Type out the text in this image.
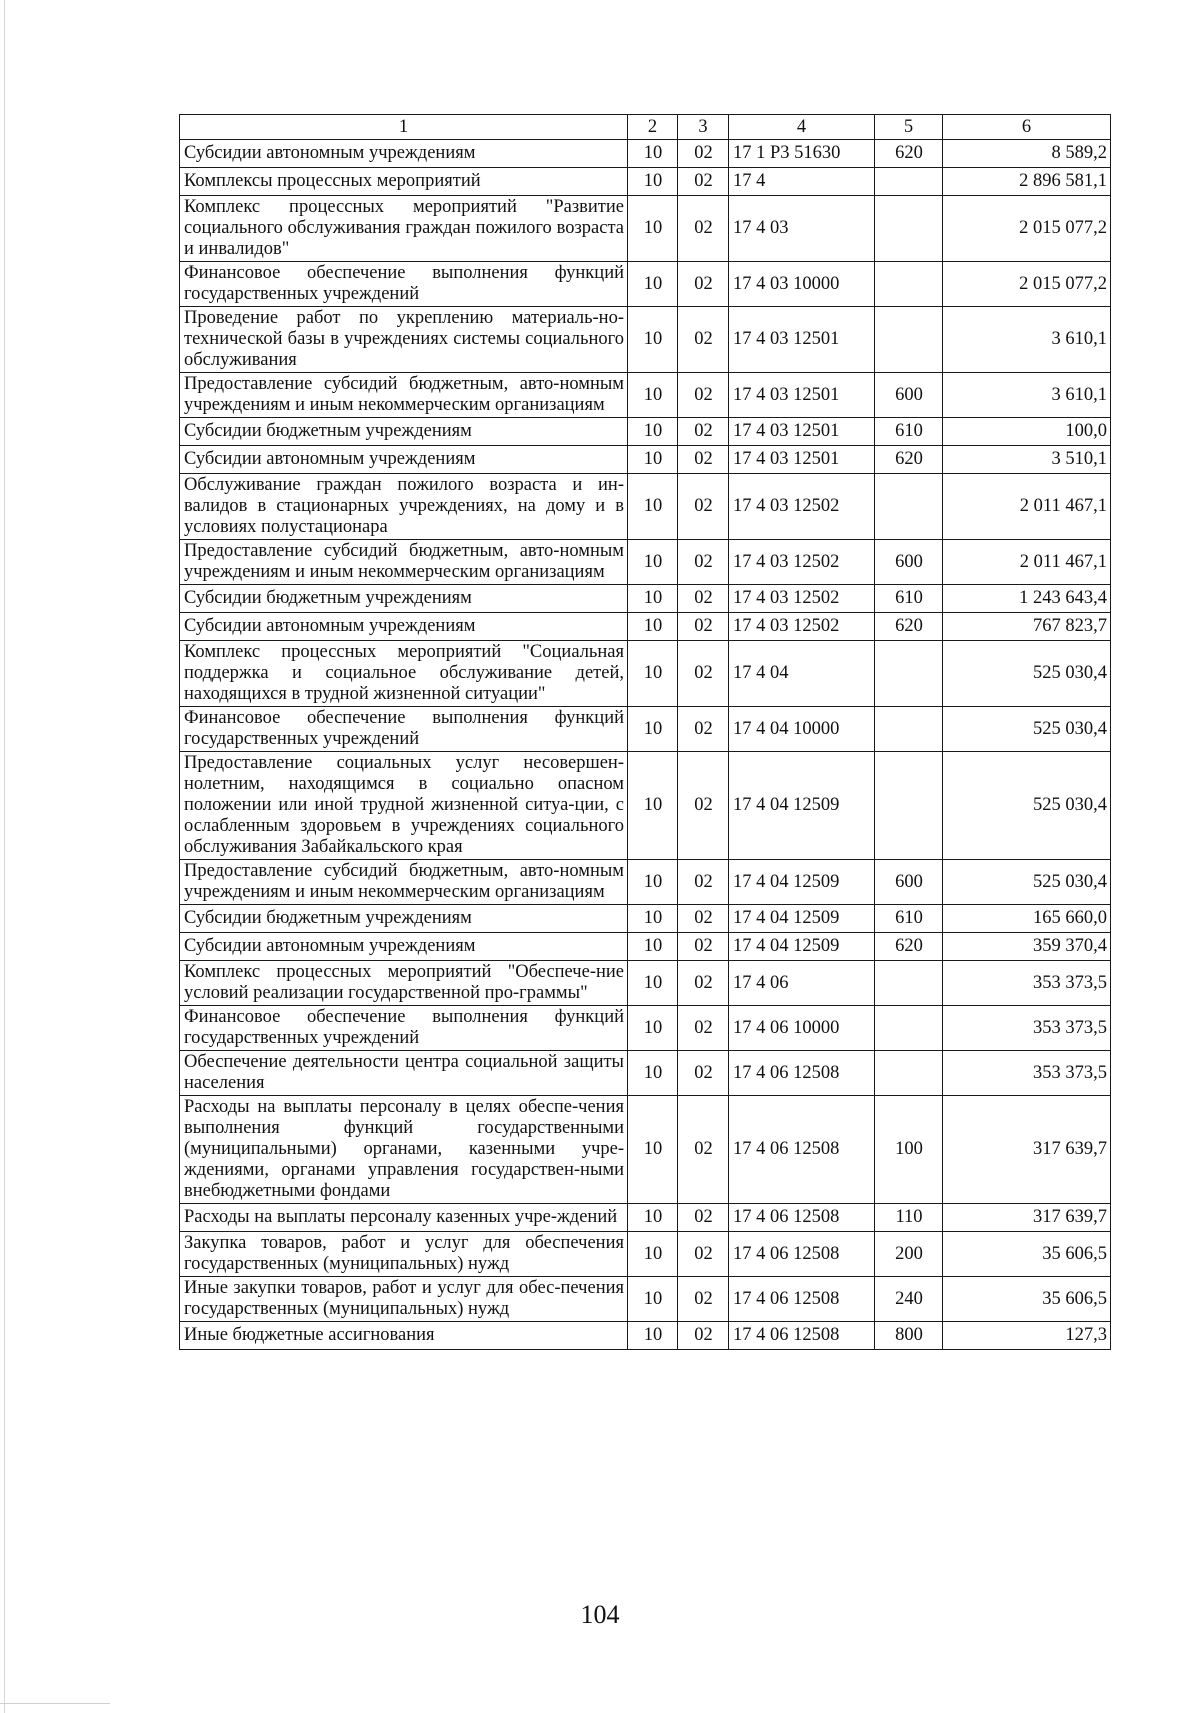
1	2	3	4	5	6
Субсидии автономным учреждениям	10	02	17 1 Р3 51630	620	8 589,2
Комплексы процессных мероприятий	10	02	17 4		2 896 581,1
Комплекс процессных мероприятий "Развитие социального обслуживания граждан пожилого возраста и инвалидов"	10	02	17 4 03		2 015 077,2
Финансовое обеспечение выполнения функций государственных учреждений	10	02	17 4 03 10000		2 015 077,2
Проведение работ по укреплению материаль-но-технической базы в учреждениях системы социального обслуживания	10	02	17 4 03 12501		3 610,1
Предоставление субсидий бюджетным, авто-номным учреждениям и иным некоммерческим организациям	10	02	17 4 03 12501	600	3 610,1
Субсидии бюджетным учреждениям	10	02	17 4 03 12501	610	100,0
Субсидии автономным учреждениям	10	02	17 4 03 12501	620	3 510,1
Обслуживание граждан пожилого возраста и ин-валидов в стационарных учреждениях, на дому и в условиях полустационара	10	02	17 4 03 12502		2 011 467,1
Предоставление субсидий бюджетным, авто-номным учреждениям и иным некоммерческим организациям	10	02	17 4 03 12502	600	2 011 467,1
Субсидии бюджетным учреждениям	10	02	17 4 03 12502	610	1 243 643,4
Субсидии автономным учреждениям	10	02	17 4 03 12502	620	767 823,7
Комплекс процессных мероприятий "Социальная поддержка и социальное обслуживание детей, находящихся в трудной жизненной ситуации"	10	02	17 4 04		525 030,4
Финансовое обеспечение выполнения функций государственных учреждений	10	02	17 4 04 10000		525 030,4
Предоставление социальных услуг несовершен-нолетним, находящимся в социально опасном положении или иной трудной жизненной ситуа-ции, с ослабленным здоровьем в учреждениях социального обслуживания Забайкальского края	10	02	17 4 04 12509		525 030,4
Предоставление субсидий бюджетным, авто-номным учреждениям и иным некоммерческим организациям	10	02	17 4 04 12509	600	525 030,4
Субсидии бюджетным учреждениям	10	02	17 4 04 12509	610	165 660,0
Субсидии автономным учреждениям	10	02	17 4 04 12509	620	359 370,4
Комплекс процессных мероприятий "Обеспече-ние условий реализации государственной про-граммы"	10	02	17 4 06		353 373,5
Финансовое обеспечение выполнения функций государственных учреждений	10	02	17 4 06 10000		353 373,5
Обеспечение деятельности центра социальной защиты населения	10	02	17 4 06 12508		353 373,5
Расходы на выплаты персоналу в целях обеспе-чения выполнения функций государственными (муниципальными) органами, казенными учре-ждениями, органами управления государствен-ными внебюджетными фондами	10	02	17 4 06 12508	100	317 639,7
Расходы на выплаты персоналу казенных учре-ждений	10	02	17 4 06 12508	110	317 639,7
Закупка товаров, работ и услуг для обеспечения государственных (муниципальных) нужд	10	02	17 4 06 12508	200	35 606,5
Иные закупки товаров, работ и услуг для обес-печения государственных (муниципальных) нужд	10	02	17 4 06 12508	240	35 606,5
Иные бюджетные ассигнования	10	02	17 4 06 12508	800	127,3
104
